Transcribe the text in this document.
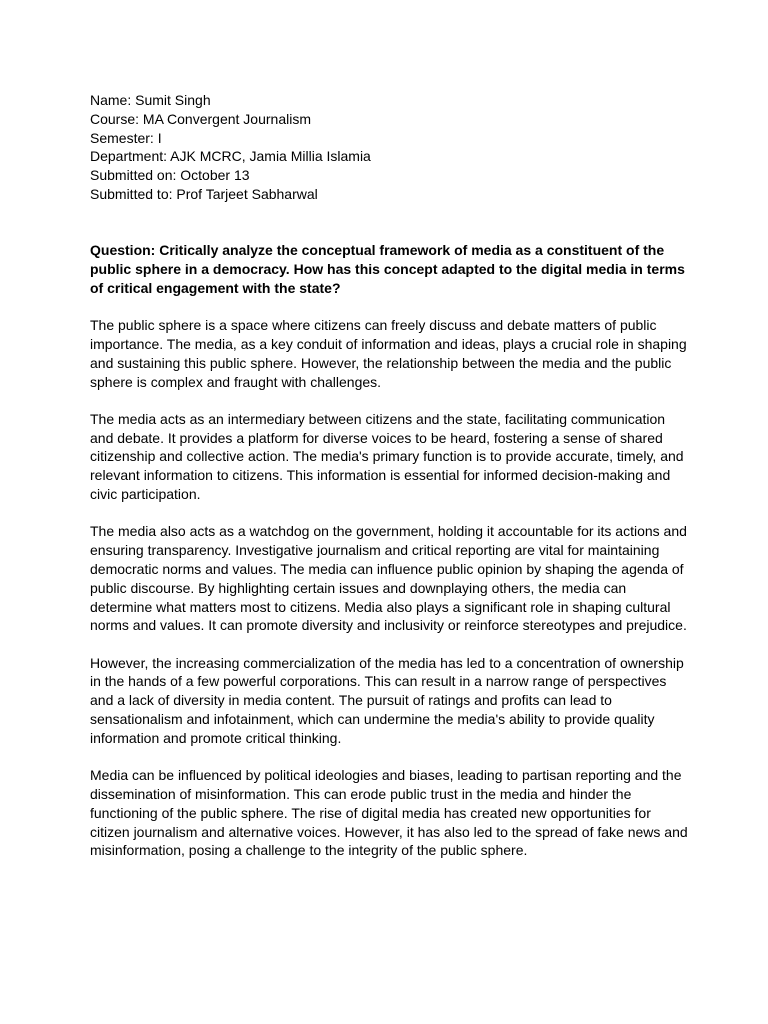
Name: Sumit Singh

Course: MA Convergent Journalism

Semester: I

Department: AJK MCRC, Jamia Millia Islamia

Submitted on: October 13

Submitted to: Prof Tarjeet Sabharwal

Question: Critically analyze the conceptual framework of media as a constituent of the public sphere in a democracy. How has this concept adapted to the digital media in terms of critical engagement with the state?

The public sphere is a space where citizens can freely discuss and debate matters of public importance. The media, as a key conduit of information and ideas, plays a crucial role in shaping and sustaining this public sphere. However, the relationship between the media and the public sphere is complex and fraught with challenges.

The media acts as an intermediary between citizens and the state, facilitating communication and debate. It provides a platform for diverse voices to be heard, fostering a sense of shared citizenship and collective action. The media's primary function is to provide accurate, timely, and relevant information to citizens. This information is essential for informed decision-making and civic participation.

The media also acts as a watchdog on the government, holding it accountable for its actions and ensuring transparency. Investigative journalism and critical reporting are vital for maintaining democratic norms and values. The media can influence public opinion by shaping the agenda of public discourse. By highlighting certain issues and downplaying others, the media can determine what matters most to citizens. Media also plays a significant role in shaping cultural norms and values. It can promote diversity and inclusivity or reinforce stereotypes and prejudice.

However, the increasing commercialization of the media has led to a concentration of ownership in the hands of a few powerful corporations. This can result in a narrow range of perspectives and a lack of diversity in media content. The pursuit of ratings and profits can lead to sensationalism and infotainment, which can undermine the media's ability to provide quality information and promote critical thinking.

Media can be influenced by political ideologies and biases, leading to partisan reporting and the dissemination of misinformation. This can erode public trust in the media and hinder the functioning of the public sphere. The rise of digital media has created new opportunities for citizen journalism and alternative voices. However, it has also led to the spread of fake news and misinformation, posing a challenge to the integrity of the public sphere.
